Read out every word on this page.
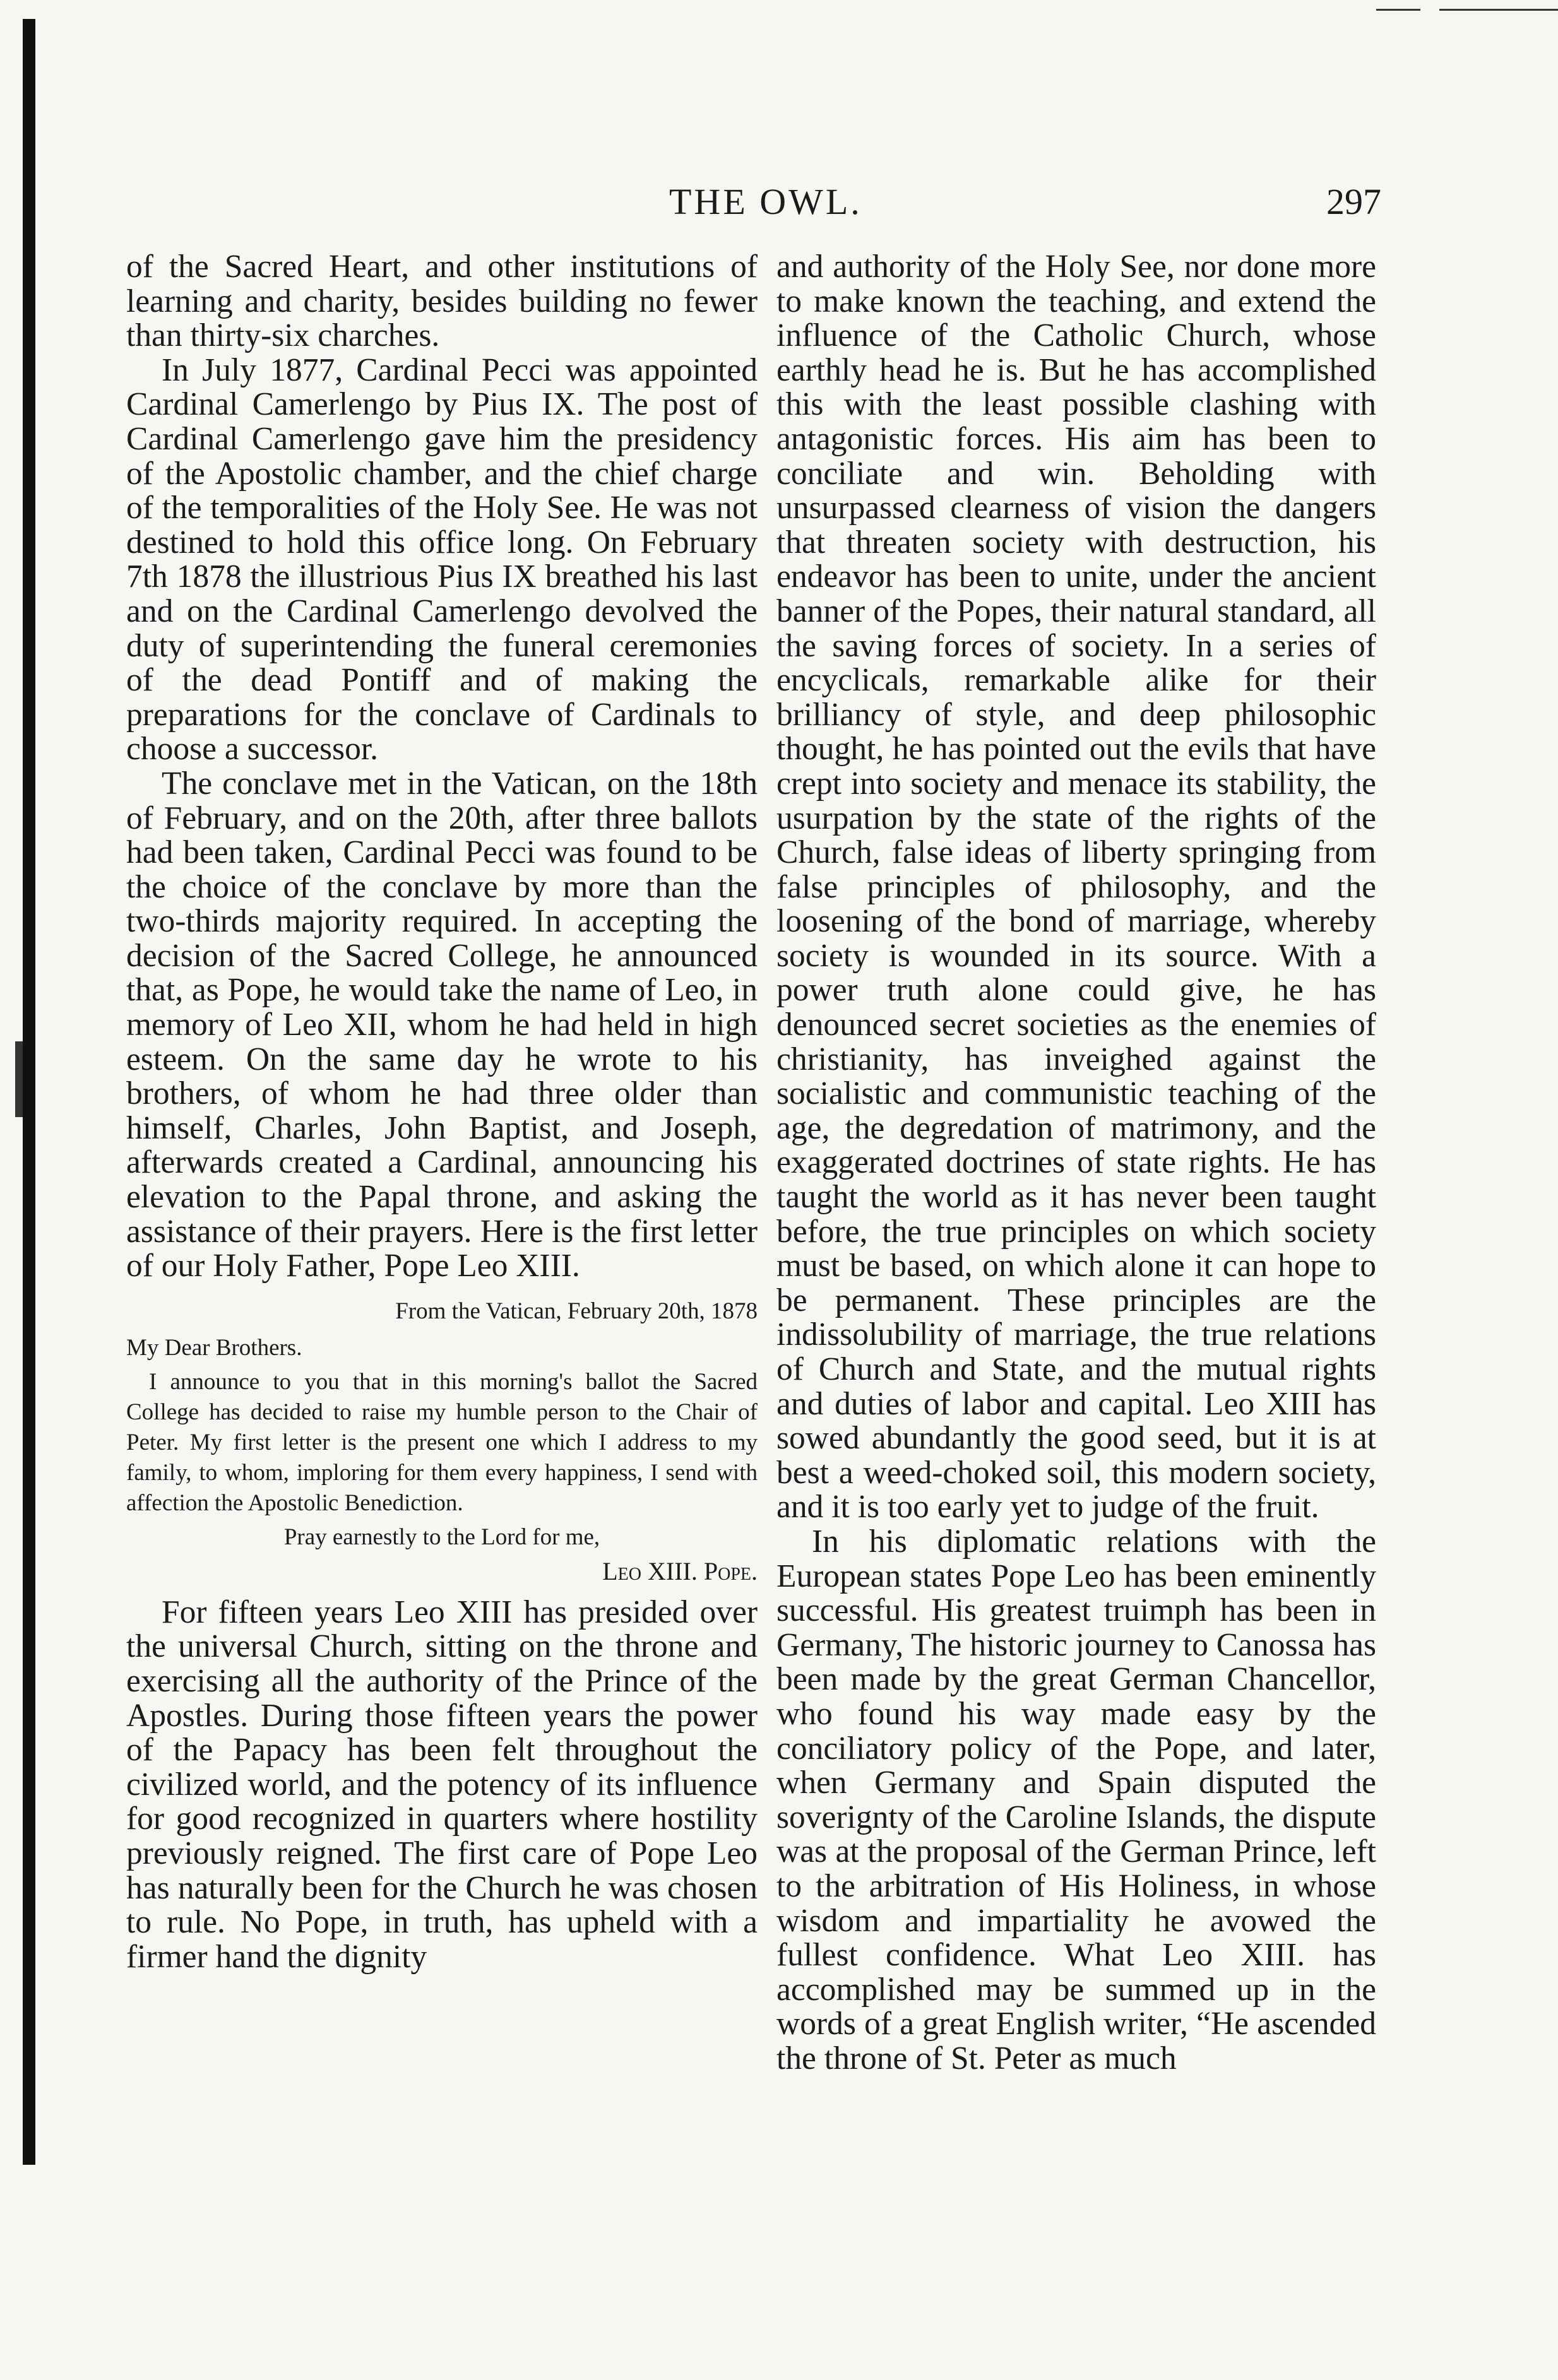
THE OWL.	297

of the Sacred Heart, and other institutions of learning and charity, besides building no fewer than thirty-six charches.

In July 1877, Cardinal Pecci was appointed Cardinal Camerlengo by Pius IX. The post of Cardinal Camerlengo gave him the presidency of the Apostolic chamber, and the chief charge of the temporalities of the Holy See. He was not destined to hold this office long. On February 7th 1878 the illustrious Pius IX breathed his last and on the Cardinal Camerlengo devolved the duty of superintending the funeral ceremonies of the dead Pontiff and of making the preparations for the conclave of Cardinals to choose a successor.

The conclave met in the Vatican, on the 18th of February, and on the 20th, after three ballots had been taken, Cardinal Pecci was found to be the choice of the conclave by more than the two-thirds majority required. In accepting the decision of the Sacred College, he announced that, as Pope, he would take the name of Leo, in memory of Leo XII, whom he had held in high esteem. On the same day he wrote to his brothers, of whom he had three older than himself, Charles, John Baptist, and Joseph, afterwards created a Cardinal, announcing his elevation to the Papal throne, and asking the assistance of their prayers. Here is the first letter of our Holy Father, Pope Leo XIII.

From the Vatican, February 20th, 1878

My Dear Brothers.

I announce to you that in this morning's ballot the Sacred College has decided to raise my humble person to the Chair of Peter. My first letter is the present one which I address to my family, to whom, imploring for them every happiness, I send with affection the Apostolic Benediction.

Pray earnestly to the Lord for me,

Leo XIII. Pope.

For fifteen years Leo XIII has presided over the universal Church, sitting on the throne and exercising all the authority of the Prince of the Apostles. During those fifteen years the power of the Papacy has been felt throughout the civilized world, and the potency of its influence for good recognized in quarters where hostility previously reigned. The first care of Pope Leo has naturally been for the Church he was chosen to rule. No Pope, in truth, has upheld with a firmer hand the dignity

and authority of the Holy See, nor done more to make known the teaching, and extend the influence of the Catholic Church, whose earthly head he is. But he has accomplished this with the least possible clashing with antagonistic forces. His aim has been to conciliate and win. Beholding with unsurpassed clearness of vision the dangers that threaten society with destruction, his endeavor has been to unite, under the ancient banner of the Popes, their natural standard, all the saving forces of society. In a series of encyclicals, remarkable alike for their brilliancy of style, and deep philosophic thought, he has pointed out the evils that have crept into society and menace its stability, the usurpation by the state of the rights of the Church, false ideas of liberty springing from false principles of philosophy, and the loosening of the bond of marriage, whereby society is wounded in its source. With a power truth alone could give, he has denounced secret societies as the enemies of christianity, has inveighed against the socialistic and communistic teaching of the age, the degredation of matrimony, and the exaggerated doctrines of state rights. He has taught the world as it has never been taught before, the true principles on which society must be based, on which alone it can hope to be permanent. These principles are the indissolubility of marriage, the true relations of Church and State, and the mutual rights and duties of labor and capital. Leo XIII has sowed abundantly the good seed, but it is at best a weed-choked soil, this modern society, and it is too early yet to judge of the fruit.

In his diplomatic relations with the European states Pope Leo has been eminently successful. His greatest truimph has been in Germany, The historic journey to Canossa has been made by the great German Chancellor, who found his way made easy by the conciliatory policy of the Pope, and later, when Germany and Spain disputed the soverignty of the Caroline Islands, the dispute was at the proposal of the German Prince, left to the arbitration of His Holiness, in whose wisdom and impartiality he avowed the fullest confidence. What Leo XIII. has accomplished may be summed up in the words of a great English writer, “He ascended the throne of St. Peter as much
